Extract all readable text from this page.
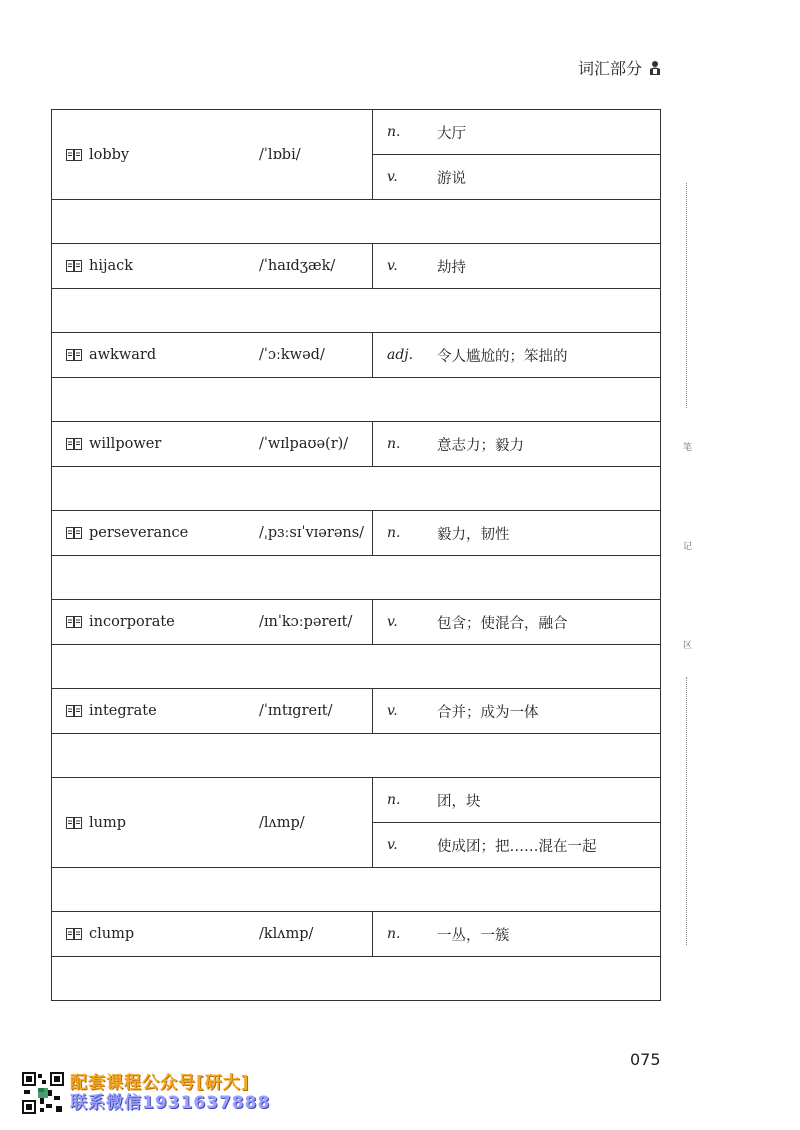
词汇部分
lobby /ˈlɒbi/	n. 大厅

	v. 游说

hijack /ˈhaɪdʒæk/	v. 劫持

awkward /ˈɔːkwəd/	adj. 令人尴尬的；笨拙的

willpower /ˈwɪlpaʊə(r)/	n. 意志力；毅力

perseverance /ˌpɜːsɪˈvɪərəns/	n. 毅力，韧性

incorporate /ɪnˈkɔːpəreɪt/	v. 包含；使混合，融合

integrate /ˈɪntɪgreɪt/	v. 合并；成为一体

lump /lʌmp/	n. 团，块

	v. 使成团；把……混在一起

clump /klʌmp/	n. 一丛，一簇

笔
记
区
075
配套课程公众号[研大]
联系微信1931637888
